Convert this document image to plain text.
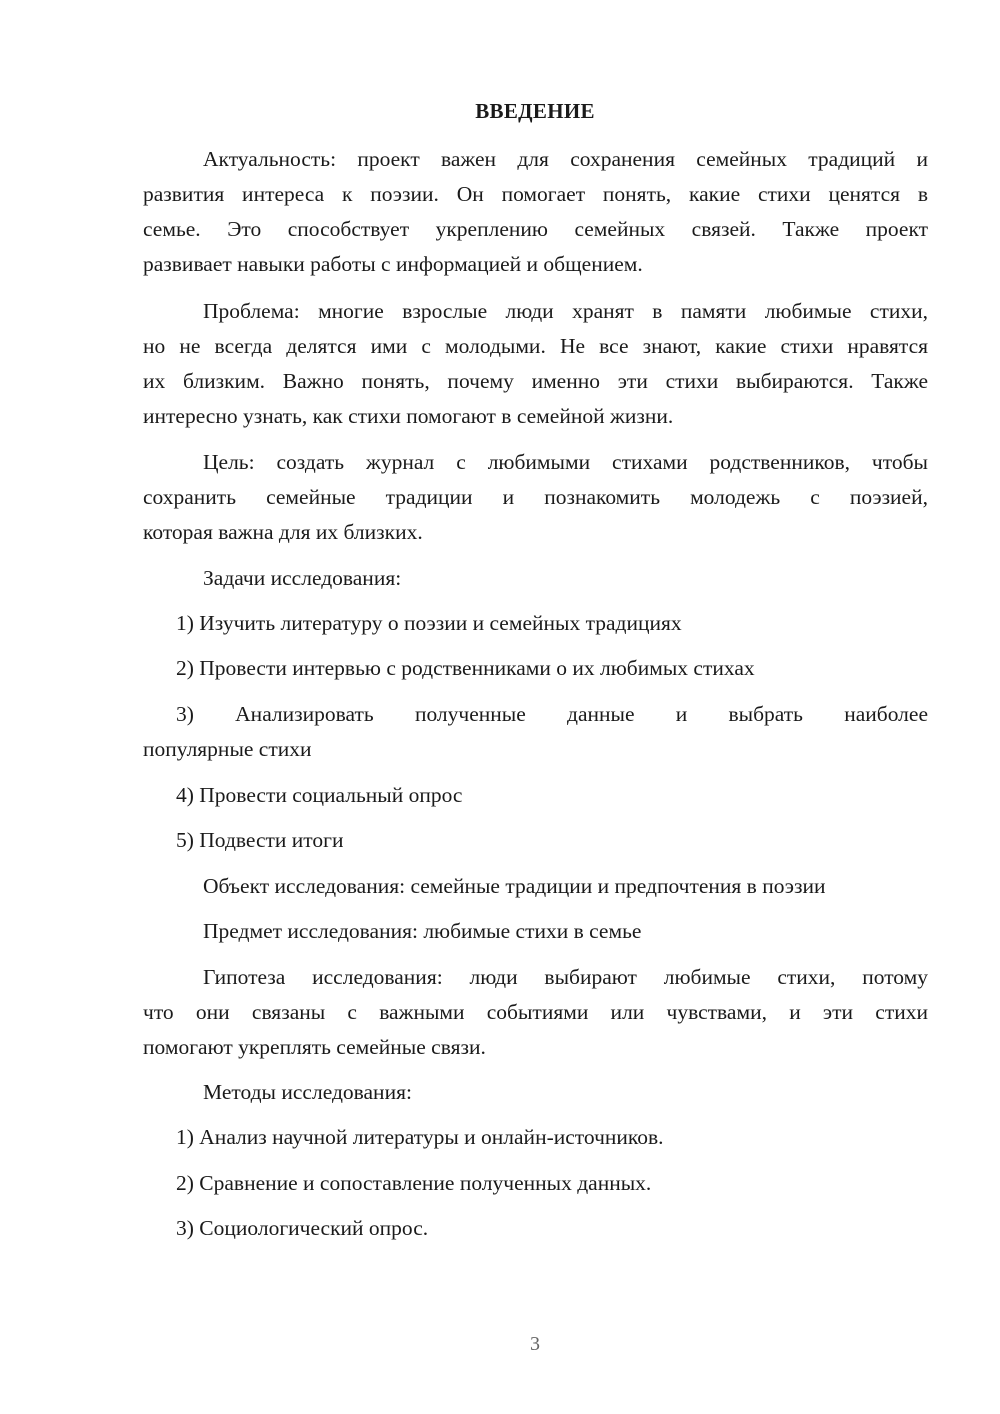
ВВЕДЕНИЕ
Актуальность: проект важен для сохранения семейных традиций и
развития интереса к поэзии. Он помогает понять, какие стихи ценятся в
семье. Это способствует укреплению семейных связей. Также проект
развивает навыки работы с информацией и общением.
Проблема: многие взрослые люди хранят в памяти любимые стихи,
но не всегда делятся ими с молодыми. Не все знают, какие стихи нравятся
их близким. Важно понять, почему именно эти стихи выбираются. Также
интересно узнать, как стихи помогают в семейной жизни.
Цель: создать журнал с любимыми стихами родственников, чтобы
сохранить семейные традиции и познакомить молодежь с поэзией,
которая важна для их близких.
Задачи исследования:
1) Изучить литературу о поэзии и семейных традициях
2) Провести интервью с родственниками о их любимых стихах
3) Анализировать полученные данные и выбрать наиболее
популярные стихи
4) Провести социальный опрос
5) Подвести итоги
Объект исследования: семейные традиции и предпочтения в поэзии
Предмет исследования: любимые стихи в семье
Гипотеза исследования: люди выбирают любимые стихи, потому
что они связаны с важными событиями или чувствами, и эти стихи
помогают укреплять семейные связи.
Методы исследования:
1) Анализ научной литературы и онлайн-источников.
2) Сравнение и сопоставление полученных данных.
3) Социологический опрос.
3
